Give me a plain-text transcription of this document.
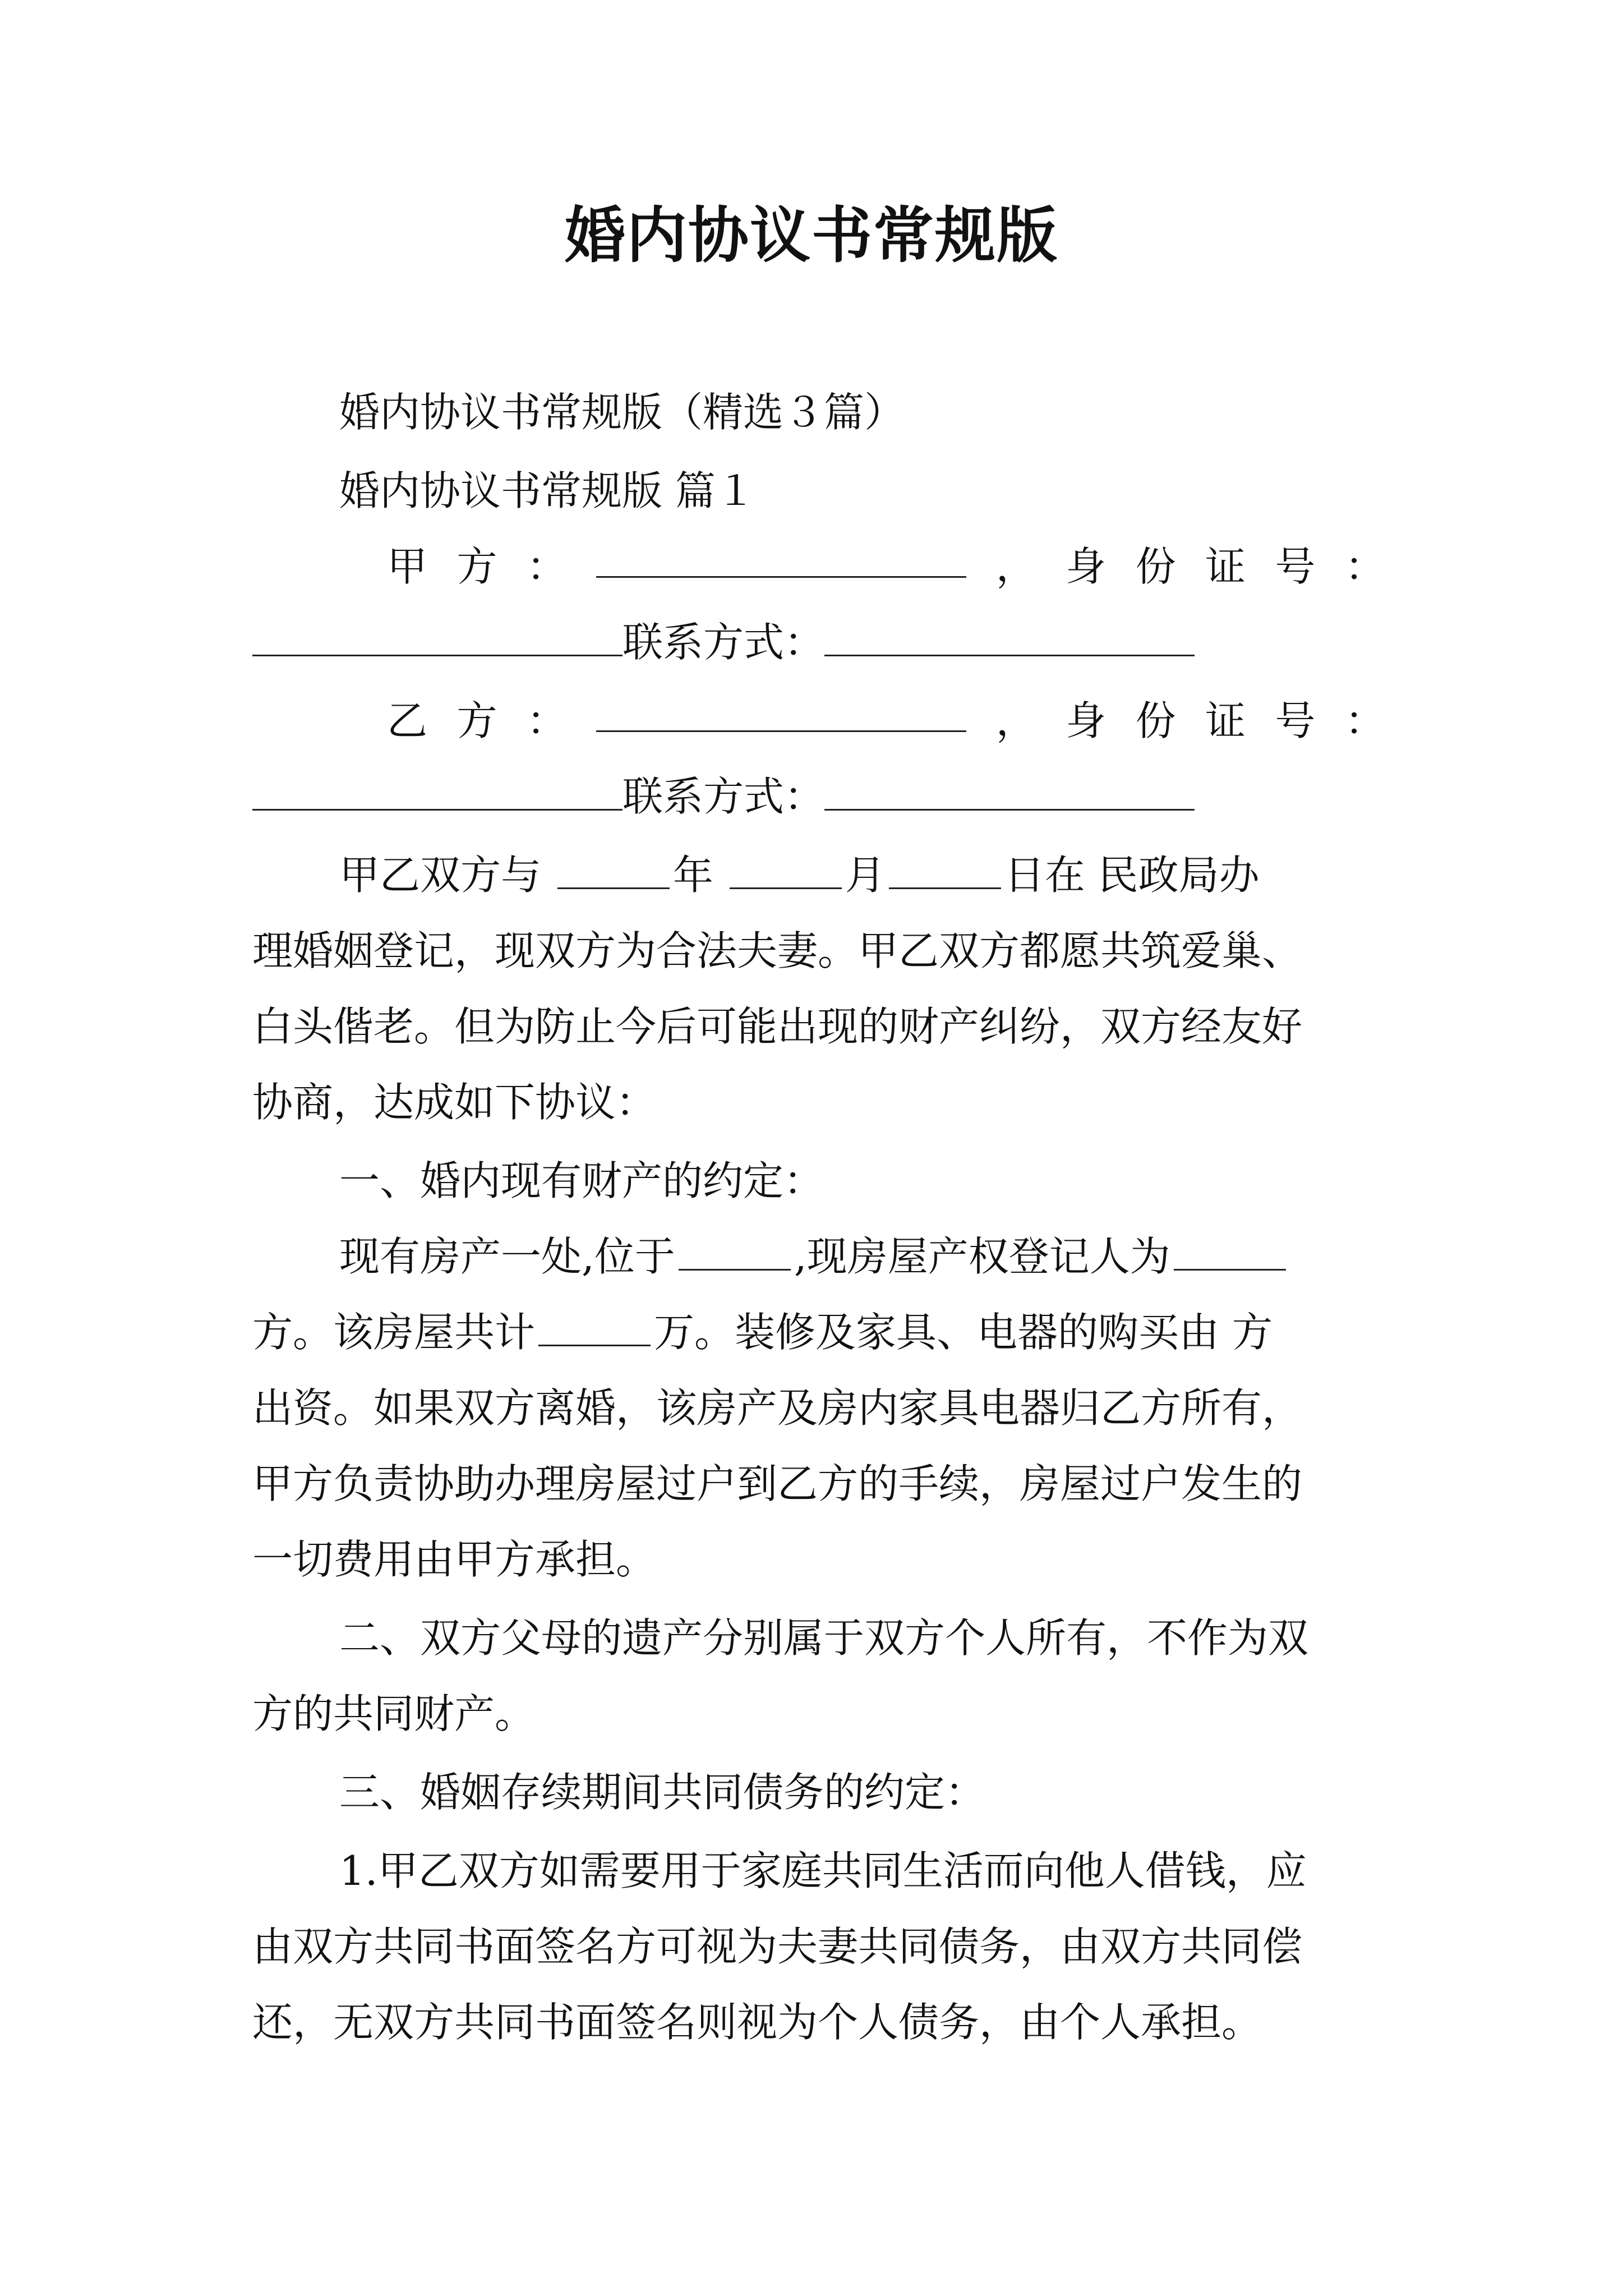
婚内协议书常规版
婚内协议书常规版（精选３篇）
婚内协议书常规版 篇１
甲 方 ：	， 身 份 证 号 ：
联系方式：
乙 方 ：	， 身 份 证 号 ：
联系方式：
甲乙双方与	年	月	日在 民政局办
理婚姻登记，现双方为合法夫妻。甲乙双方都愿共筑爱巢、
白头偕老。但为防止今后可能出现的财产纠纷，双方经友好
协商，达成如下协议：
一、婚内现有财产的约定：
现有房产一处,位于	,现房屋产权登记人为
方。该房屋共计	万。装修及家具、电器的购买由 方
出资。如果双方离婚，该房产及房内家具电器归乙方所有，
甲方负责协助办理房屋过户到乙方的手续，房屋过户发生的
一切费用由甲方承担。
二、双方父母的遗产分别属于双方个人所有，不作为双
方的共同财产。
三、婚姻存续期间共同债务的约定：
1.甲乙双方如需要用于家庭共同生活而向他人借钱，应
由双方共同书面签名方可视为夫妻共同债务，由双方共同偿
还，无双方共同书面签名则视为个人债务，由个人承担。
